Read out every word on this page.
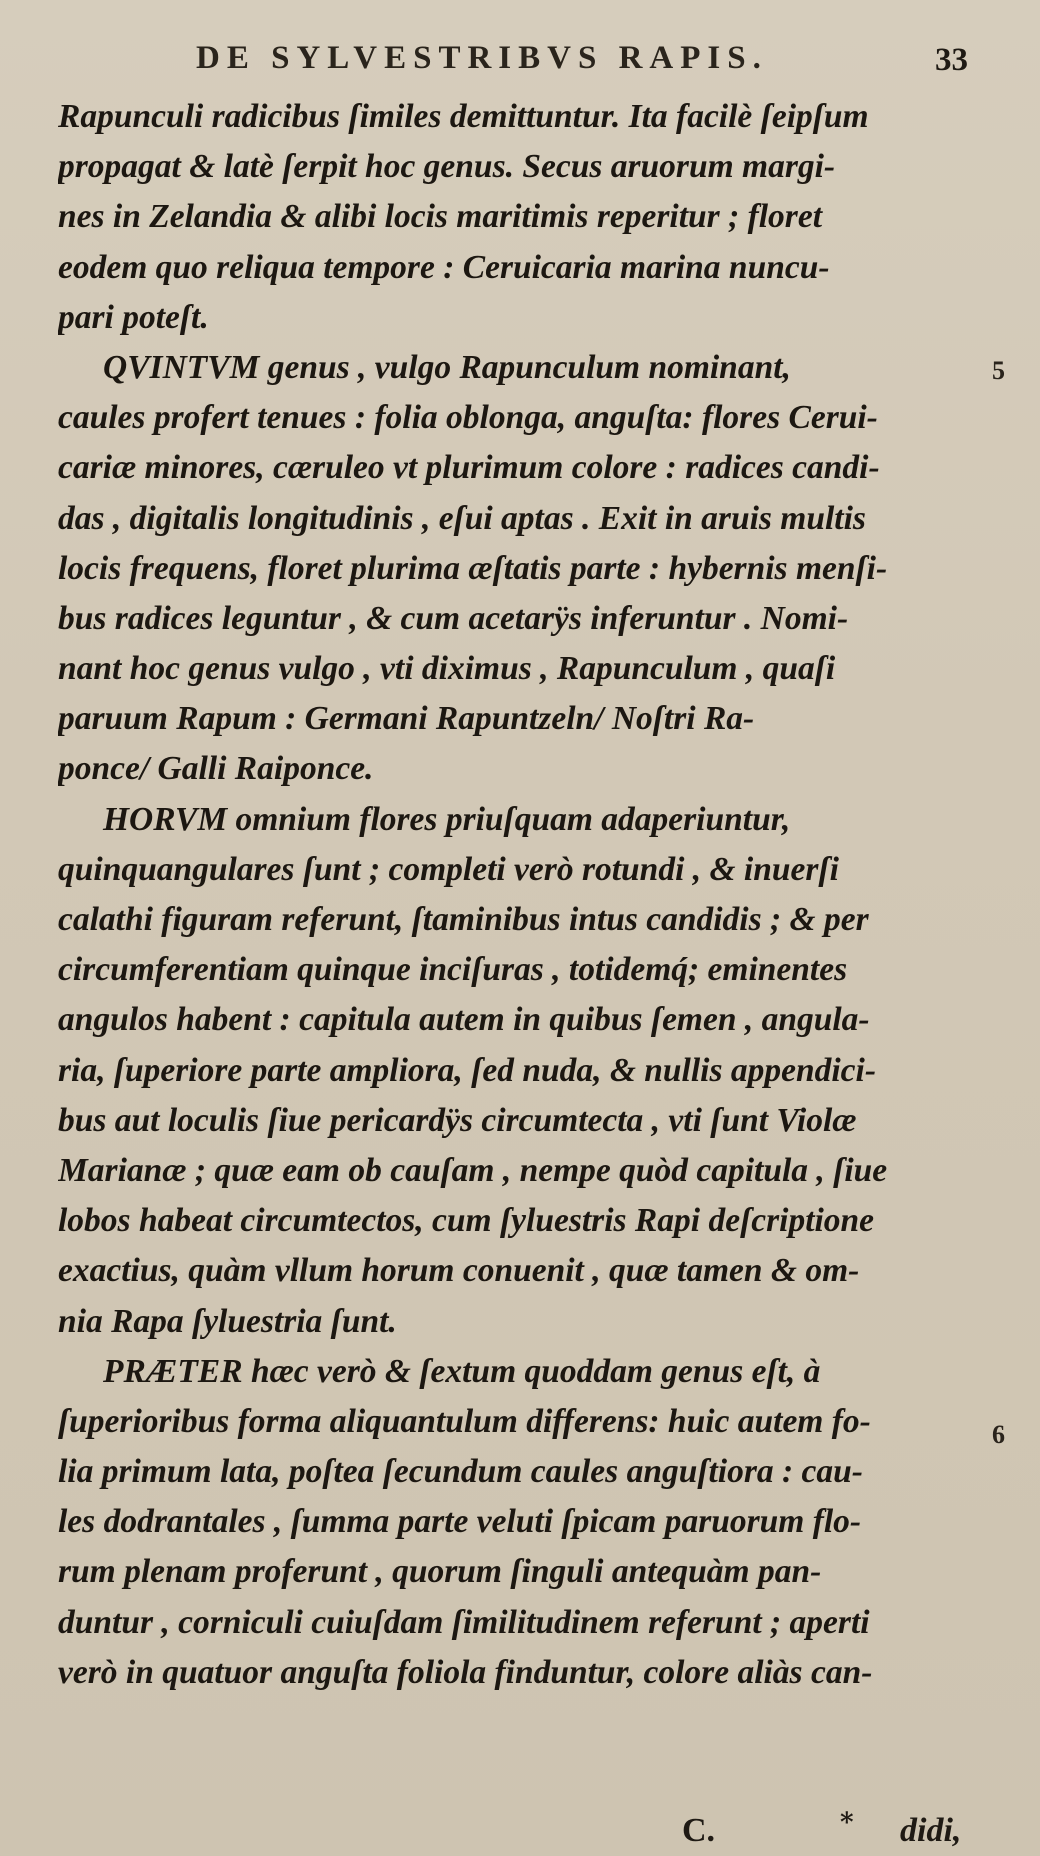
DE SYLVESTRIBVS RAPIS.	33
Rapunculi radicibus ſimiles demittuntur. Ita facilè ſeipſum
propagat & latè ſerpit hoc genus. Secus aruorum margi-
nes in Zelandia & alibi locis maritimis reperitur ; floret
eodem quo reliqua tempore : Ceruicaria marina nuncu-
pari poteſt.
QVINTVM genus , vulgo Rapunculum nominant,
caules profert tenues : folia oblonga, anguſta: flores Cerui-
cariæ minores, cæruleo vt plurimum colore : radices candi-
das , digitalis longitudinis , eſui aptas . Exit in aruis multis
locis frequens, floret plurima æſtatis parte : hybernis menſi-
bus radices leguntur , & cum acetarÿs inferuntur . Nomi-
nant hoc genus vulgo , vti diximus , Rapunculum , quaſi
paruum Rapum : Germani Rapuntzeln/ Noſtri Ra-
ponce/ Galli Raiponce.
HORVM omnium flores priuſquam adaperiuntur,
quinquangulares ſunt ; completi verò rotundi , & inuerſi
calathi figuram referunt, ſtaminibus intus candidis ; & per
circumferentiam quinque inciſuras , totidemq́; eminentes
angulos habent : capitula autem in quibus ſemen , angula-
ria, ſuperiore parte ampliora, ſed nuda, & nullis appendici-
bus aut loculis ſiue pericardÿs circumtecta , vti ſunt Violæ
Marianæ ; quæ eam ob cauſam , nempe quòd capitula , ſiue
lobos habeat circumtectos, cum ſyluestris Rapi deſcriptione
exactius, quàm vllum horum conuenit , quæ tamen & om-
nia Rapa ſyluestria ſunt.
PRÆTER hæc verò & ſextum quoddam genus eſt, à
ſuperioribus forma aliquantulum differens: huic autem fo-
lia primum lata, poſtea ſecundum caules anguſtiora : cau-
les dodrantales , ſumma parte veluti ſpicam paruorum flo-
rum plenam proferunt , quorum ſinguli antequàm pan-
duntur , corniculi cuiuſdam ſimilitudinem referunt ; aperti
verò in quatuor anguſta foliola finduntur, colore aliàs can-
5
6
C.	* didi,
